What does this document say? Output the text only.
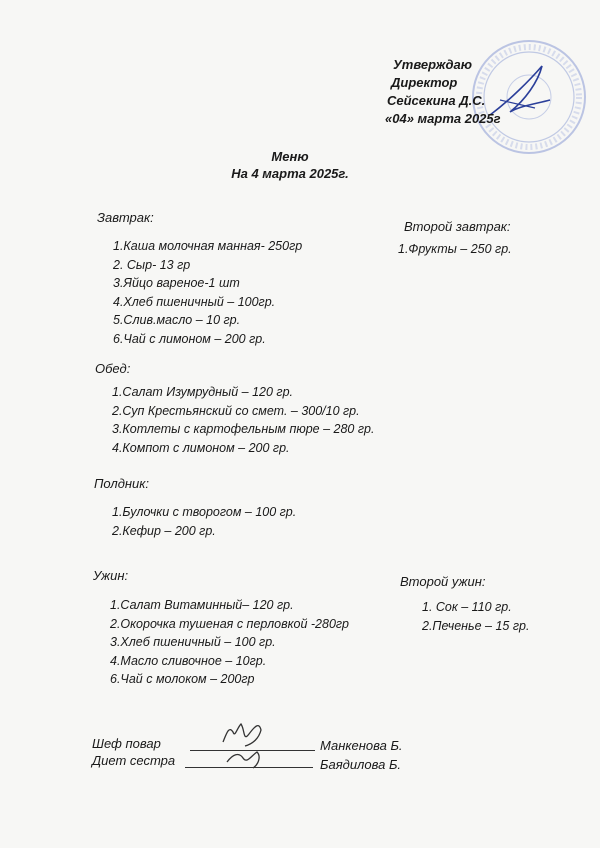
Утверждаю
Директор
Сейсекина Д.С.
«04» марта 2025г
Меню
На 4 марта 2025г.
Завтрак:
1.Каша молочная манная- 250гр
2. Сыр- 13 гр
3.Яйцо вареное-1 шт
4.Хлеб пшеничный – 100гр.
5.Слив.масло – 10 гр.
6.Чай с лимоном – 200 гр.
Второй завтрак:
1.Фрукты – 250 гр.
Обед:
1.Салат Изумрудный – 120 гр.
2.Суп Крестьянский со смет. – 300/10 гр.
3.Котлеты с картофельным пюре – 280 гр.
4.Компот с лимоном – 200 гр.
Полдник:
1.Булочки с творогом – 100 гр.
2.Кефир – 200 гр.
Ужин:
1.Салат Витаминный– 120 гр.
2.Окорочка тушеная с перловкой -280гр
3.Хлеб пшеничный – 100 гр.
4.Масло сливочное – 10гр.
6.Чай с молоком – 200гр
Второй ужин:
1. Сок – 110 гр.
2.Печенье – 15 гр.
Шеф повар	Манкенова Б.
Диет сестра	Баядилова Б.
